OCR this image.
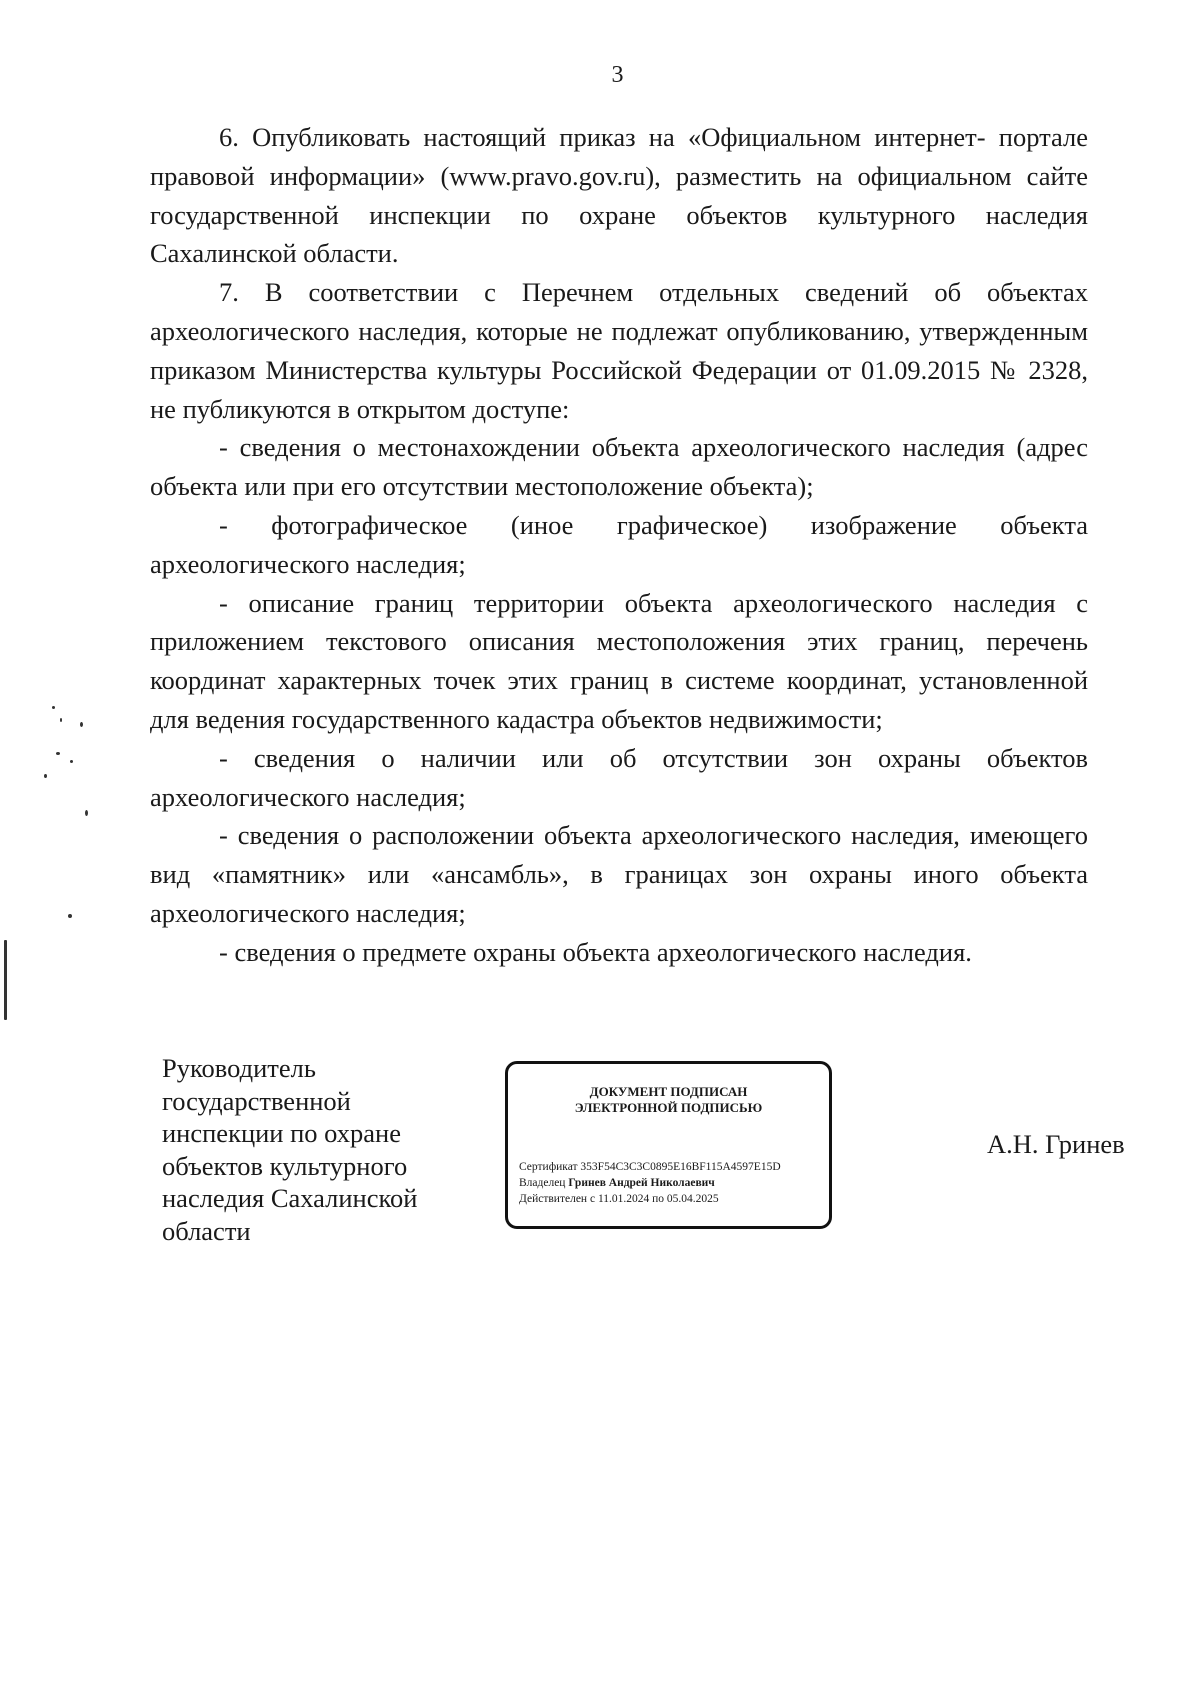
3

6. Опубликовать настоящий приказ на «Официальном интернет- портале правовой информации» (www.pravo.gov.ru), разместить на официальном сайте государственной инспекции по охране объектов культурного наследия Сахалинской области.

7. В соответствии с Перечнем отдельных сведений об объектах археологического наследия, которые не подлежат опубликованию, утвержденным приказом Министерства культуры Российской Федерации от 01.09.2015 № 2328, не публикуются в открытом доступе:

- сведения о местонахождении объекта археологического наследия (адрес объекта или при его отсутствии местоположение объекта);

- фотографическое (иное графическое) изображение объекта археологического наследия;

- описание границ территории объекта археологического наследия с приложением текстового описания местоположения этих границ, перечень координат характерных точек этих границ в системе координат, установленной для ведения государственного кадастра объектов недвижимости;

- сведения о наличии или об отсутствии зон охраны объектов археологического наследия;

- сведения о расположении объекта археологического наследия, имеющего вид «памятник» или «ансамбль», в границах зон охраны иного объекта археологического наследия;

- сведения о предмете охраны объекта археологического наследия.

Руководитель
государственной
инспекции по охране
объектов культурного
наследия Сахалинской
области
ДОКУМЕНТ ПОДПИСАН
ЭЛЕКТРОННОЙ ПОДПИСЬЮ
Сертификат 353F54C3C3C0895E16BF115A4597E15D
Владелец Гринев Андрей Николаевич
Действителен с 11.01.2024 по 05.04.2025
А.Н. Гринев
